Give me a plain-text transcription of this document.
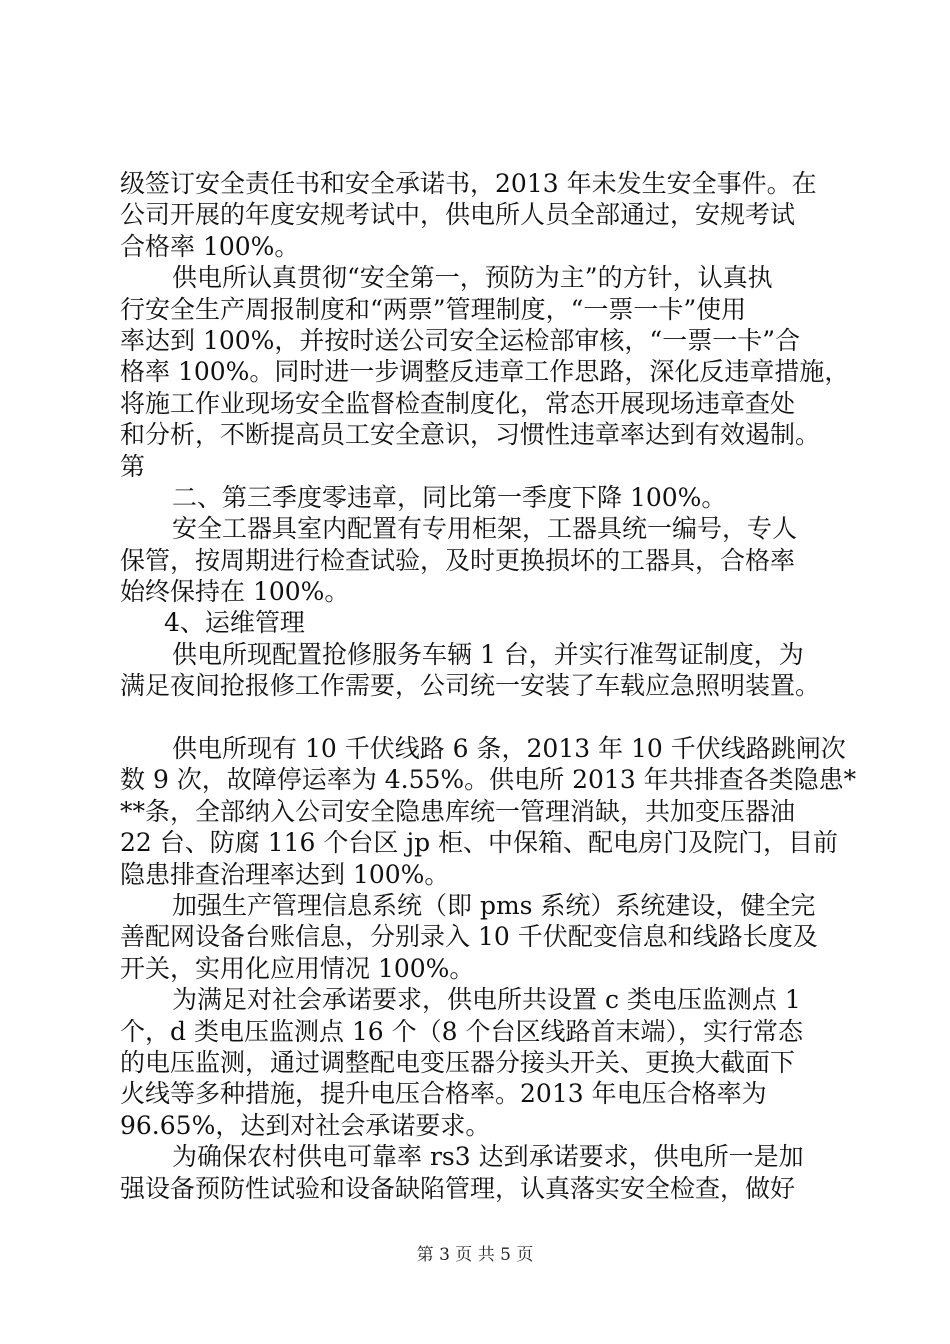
级签订安全责任书和安全承诺书，2013 年未发生安全事件。在
公司开展的年度安规考试中，供电所人员全部通过，安规考试
合格率 100%。
供电所认真贯彻“安全第一，预防为主”的方针，认真执
行安全生产周报制度和“两票”管理制度，“一票一卡”使用
率达到 100%，并按时送公司安全运检部审核，“一票一卡”合
格率 100%。同时进一步调整反违章工作思路，深化反违章措施，
将施工作业现场安全监督检查制度化，常态开展现场违章查处
和分析，不断提高员工安全意识，习惯性违章率达到有效遏制。
第
二、第三季度零违章，同比第一季度下降 100%。
安全工器具室内配置有专用柜架，工器具统一编号，专人
保管，按周期进行检查试验，及时更换损坏的工器具，合格率
始终保持在 100%。
4、运维管理
供电所现配置抢修服务车辆 1 台，并实行准驾证制度，为
满足夜间抢报修工作需要，公司统一安装了车载应急照明装置。
供电所现有 10 千伏线路 6 条，2013 年 10 千伏线路跳闸次
数 9 次，故障停运率为 4.55%。供电所 2013 年共排查各类隐患*
**条，全部纳入公司安全隐患库统一管理消缺，共加变压器油
22 台、防腐 116 个台区 jp 柜、中保箱、配电房门及院门，目前
隐患排查治理率达到 100%。
加强生产管理信息系统（即 pms 系统）系统建设，健全完
善配网设备台账信息，分别录入 10 千伏配变信息和线路长度及
开关，实用化应用情况 100%。
为满足对社会承诺要求，供电所共设置 c 类电压监测点 1
个，d 类电压监测点 16 个（8 个台区线路首末端），实行常态
的电压监测，通过调整配电变压器分接头开关、更换大截面下
火线等多种措施，提升电压合格率。2013 年电压合格率为
96.65%，达到对社会承诺要求。
为确保农村供电可靠率 rs3 达到承诺要求，供电所一是加
强设备预防性试验和设备缺陷管理，认真落实安全检查，做好
第 3 页 共 5 页
